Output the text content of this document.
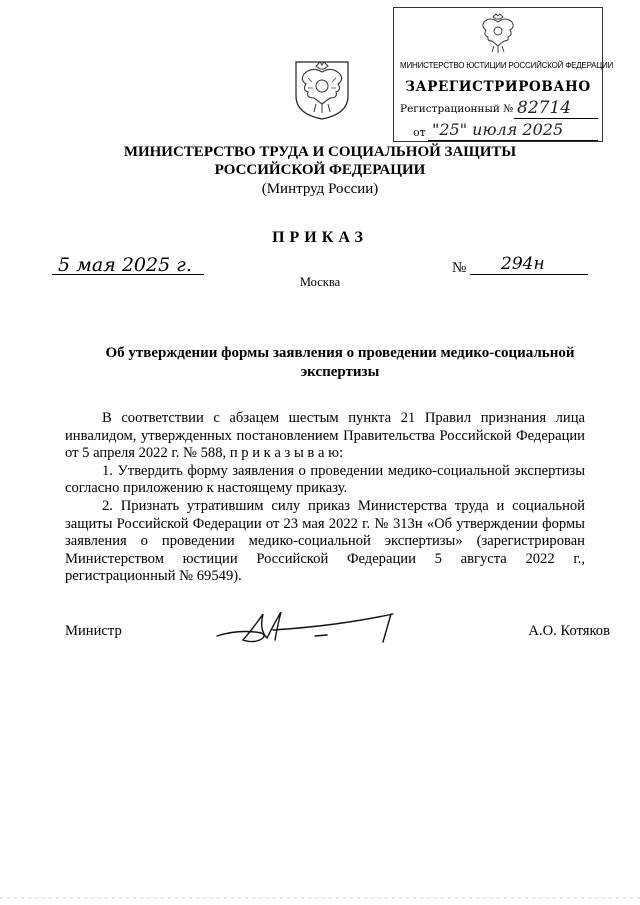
МИНИСТЕРСТВО ЮСТИЦИИ РОССИЙСКОЙ ФЕДЕРАЦИИ
ЗАРЕГИСТРИРОВАНО
Регистрационный № 82714
от "25" июля 2025
МИНИСТЕРСТВО ТРУДА И СОЦИАЛЬНОЙ ЗАЩИТЫ
РОССИЙСКОЙ ФЕДЕРАЦИИ
(Минтруд России)
ПРИКАЗ
5 мая 2025 г.	№ 294н
Москва
Об утверждении формы заявления о проведении медико-социальной экспертизы

В соответствии с абзацем шестым пункта 21 Правил признания лица инвалидом, утвержденных постановлением Правительства Российской Федерации от 5 апреля 2022 г. № 588, п р и к а з ы в а ю:

1. Утвердить форму заявления о проведении медико-социальной экспертизы согласно приложению к настоящему приказу.

2. Признать утратившим силу приказ Министерства труда и социальной защиты Российской Федерации от 23 мая 2022 г. № 313н «Об утверждении формы заявления о проведении медико-социальной экспертизы» (зарегистрирован Министерством юстиции Российской Федерации 5 августа 2022 г., регистрационный № 69549).

Министр	А.О. Котяков
